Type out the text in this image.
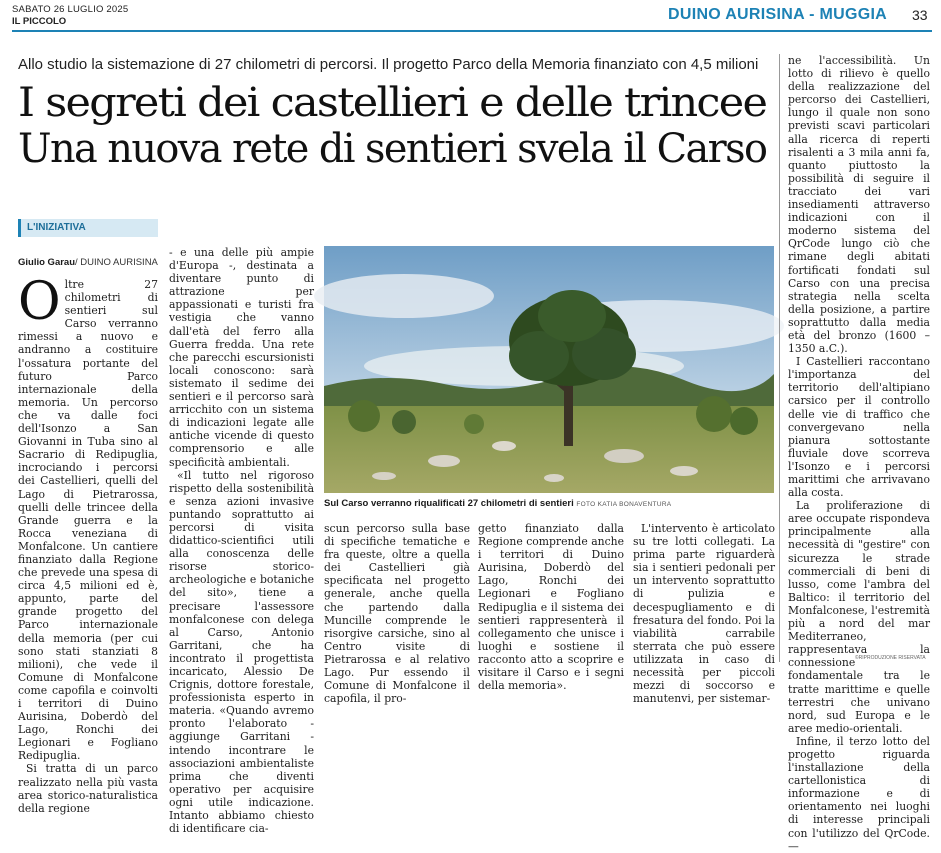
SABATO 26 LUGLIO 2025
IL PICCOLO	DUINO AURISINA - MUGGIA 33
Allo studio la sistemazione di 27 chilometri di percorsi. Il progetto Parco della Memoria finanziato con 4,5 milioni
I segreti dei castellieri e delle trincee
Una nuova rete di sentieri svela il Carso
L'INIZIATIVA
Giulio Garau/ DUINO AURISINA

Oltre 27 chilometri di sentieri sul Carso verranno rimessi a nuovo e andranno a costituire l'ossatura portante del futuro Parco internazionale della memoria. Un percorso che va dalle foci dell'Isonzo a San Giovanni in Tuba sino al Sacrario di Redipuglia, incrociando i percorsi dei Castellieri, quelli del Lago di Pietrarossa, quelli delle trincee della Grande guerra e la Rocca veneziana di Monfalcone. Un cantiere finanziato dalla Regione che prevede una spesa di circa 4,5 milioni ed è, appunto, parte del grande progetto del Parco internazionale della memoria (per cui sono stati stanziati 8 milioni), che vede il Comune di Monfalcone come capofila e coinvolti i territori di Duino Aurisina, Doberdò del Lago, Ronchi dei Legionari e Fogliano Redipuglia.

Si tratta di un parco realizzato nella più vasta area storico-naturalistica della regione

- e una delle più ampie d'Europa -, destinata a diventare punto di attrazione per appassionati e turisti fra vestigia che vanno dall'età del ferro alla Guerra fredda. Una rete che parecchi escursionisti locali conoscono: sarà sistemato il sedime dei sentieri e il percorso sarà arricchito con un sistema di indicazioni legate alle antiche vicende di questo comprensorio e alle specificità ambientali.

«Il tutto nel rigoroso rispetto della sostenibilità e senza azioni invasive puntando soprattutto ai percorsi di visita didattico-scientifici utili alla conoscenza delle risorse storico-archeologiche e botaniche del sito», tiene a precisare l'assessore monfalconese con delega al Carso, Antonio Garritani, che ha incontrato il progettista incaricato, Alessio De Crignis, dottore forestale, professionista esperto in materia. «Quando avremo pronto l'elaborato - aggiunge Garritani - intendo incontrare le associazioni ambientaliste prima che diventi operativo per acquisire ogni utile indicazione. Intanto abbiamo chiesto di identificare cia-

Sul Carso verranno riqualificati 27 chilometri di sentieri FOTO KATIA BONAVENTURA

scun percorso sulla base di specifiche tematiche e fra queste, oltre a quella dei Castellieri già specificata nel progetto generale, anche quella che partendo dalla Muncille comprende le risorgive carsiche, sino al Centro visite di Pietrarossa e al relativo Lago. Pur essendo il Comune di Monfalcone il capofila, il pro-

getto finanziato dalla Regione comprende anche i territori di Duino Aurisina, Doberdò del Lago, Ronchi dei Legionari e Fogliano Redipuglia e il sistema dei sentieri rappresenterà il collegamento che unisce i luoghi e sostiene il racconto atto a scoprire e visitare il Carso e i segni della memoria».

L'intervento è articolato su tre lotti collegati. La prima parte riguarderà sia i sentieri pedonali per un intervento soprattutto di pulizia e decespugliamento e di fresatura del fondo. Poi la viabilità carrabile sterrata che può essere utilizzata in caso di necessità per piccoli mezzi di soccorso e manutenvi, per sistemar-

ne l'accessibilità. Un lotto di rilievo è quello della realizzazione del percorso dei Castellieri, lungo il quale non sono previsti scavi particolari alla ricerca di reperti risalenti a 3 mila anni fa, quanto piuttosto la possibilità di seguire il tracciato dei vari insediamenti attraverso indicazioni con il moderno sistema del QrCode lungo ciò che rimane degli abitati fortificati fondati sul Carso con una precisa strategia nella scelta della posizione, a partire soprattutto dalla media età del bronzo (1600 – 1350 a.C.).

I Castellieri raccontano l'importanza del territorio dell'altipiano carsico per il controllo delle vie di traffico che convergevano nella pianura sottostante fluviale dove scorreva l'Isonzo e i percorsi marittimi che arrivavano alla costa.

La proliferazione di aree occupate rispondeva principalmente alla necessità di "gestire" con sicurezza le strade commerciali di beni di lusso, come l'ambra del Baltico: il territorio del Monfalconese, l'estremità più a nord del mar Mediterraneo, rappresentava la connessione fondamentale tra le tratte marittime e quelle terrestri che univano nord, sud Europa e le aree medio-orientali.

Infine, il terzo lotto del progetto riguarda l'installazione della cartellonistica di informazione e di orientamento nei luoghi di interesse principali con l'utilizzo del QrCode. —

©RIPRODUZIONE RISERVATA
